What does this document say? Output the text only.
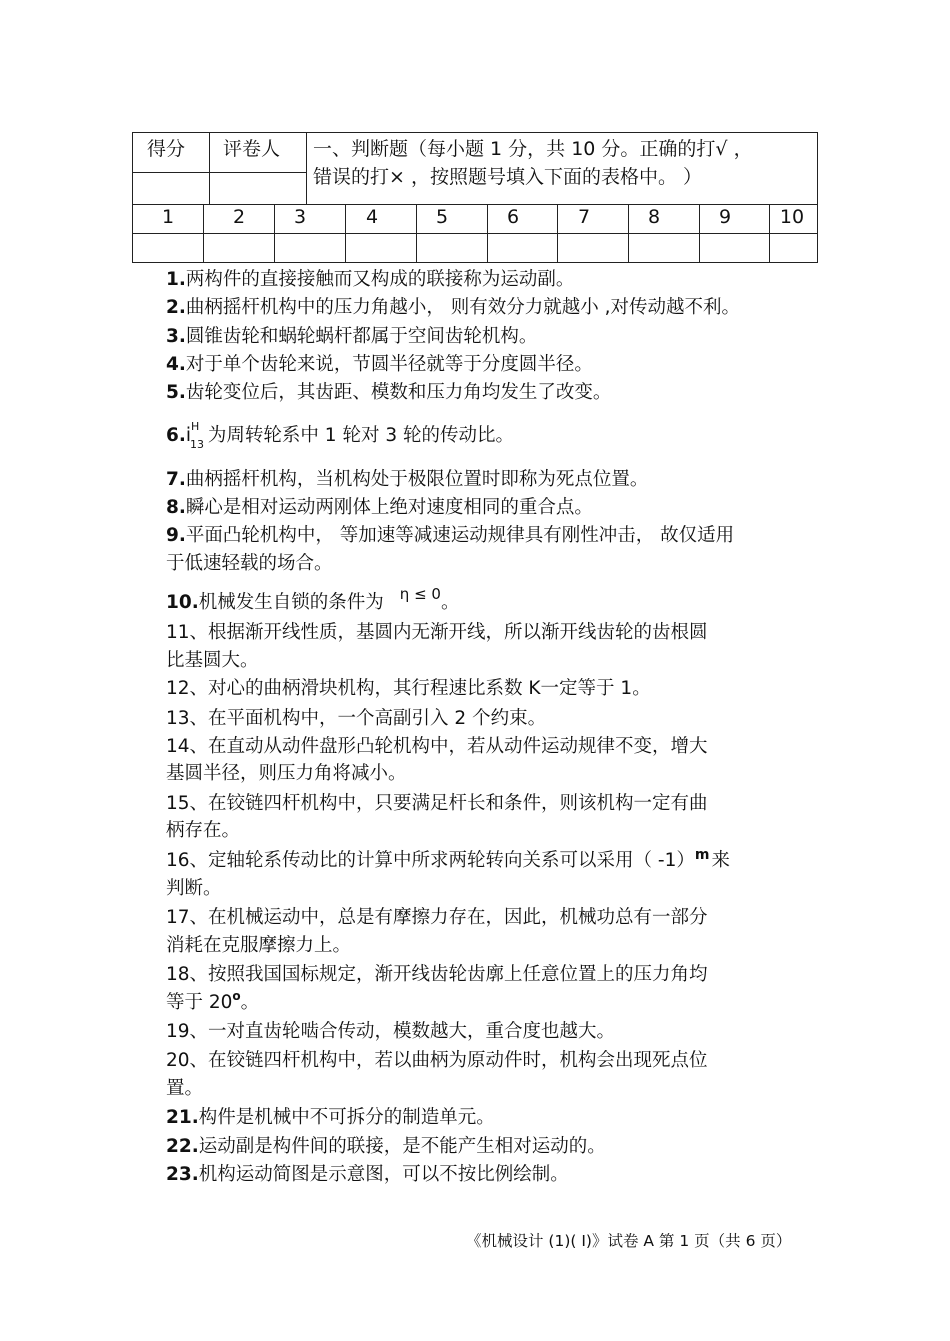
得分 评卷人 一、判断题（每小题 1 分，共 10 分。正确的打√ ，
错误的打× ，按照题号填入下面的表格中。 ）
1	2	3	4	5	6	7	8	9	10
1.两构件的直接接触而又构成的联接称为运动副。
2.曲柄摇杆机构中的压力角越小， 则有效分力就越小 ,对传动越不利。
3.圆锥齿轮和蜗轮蜗杆都属于空间齿轮机构。
4.对于单个齿轮来说，节圆半径就等于分度圆半径。
5.齿轮变位后，其齿距、模数和压力角均发生了改变。
6.i H
13
为周转轮系中 1 轮对 3 轮的传动比。
7.曲柄摇杆机构，当机构处于极限位置时即称为死点位置。
8.瞬心是相对运动两刚体上绝对速度相同的重合点。
9.平面凸轮机构中， 等加速等减速运动规律具有刚性冲击， 故仅适用
于低速轻载的场合。
10.机械发生自锁的条件为 $^{\eta \le 0}$。
11、根据渐开线性质，基圆内无渐开线，所以渐开线齿轮的齿根圆
比基圆大。
12、对心的曲柄滑块机构，其行程速比系数 K一定等于 1。
13、在平面机构中，一个高副引入 2 个约束。
14、在直动从动件盘形凸轮机构中，若从动件运动规律不变，增大
基圆半径，则压力角将减小。
15、在铰链四杆机构中，只要满足杆长和条件，则该机构一定有曲
柄存在。
16、定轴轮系传动比的计算中所求两轮转向关系可以采用（ -1）$^m$ 来
判断。
17、在机械运动中，总是有摩擦力存在，因此，机械功总有一部分
消耗在克服摩擦力上。
18、按照我国国标规定，渐开线齿轮齿廓上任意位置上的压力角均
等于 20$^o$。
19、一对直齿轮啮合传动，模数越大，重合度也越大。
20、在铰链四杆机构中，若以曲柄为原动件时，机构会出现死点位
置。
21.构件是机械中不可拆分的制造单元。
22.运动副是构件间的联接，是不能产生相对运动的。
23.机构运动简图是示意图，可以不按比例绘制。
《机械设计 (1)( Ⅰ)》试卷 A 第 1 页（共 6 页）
